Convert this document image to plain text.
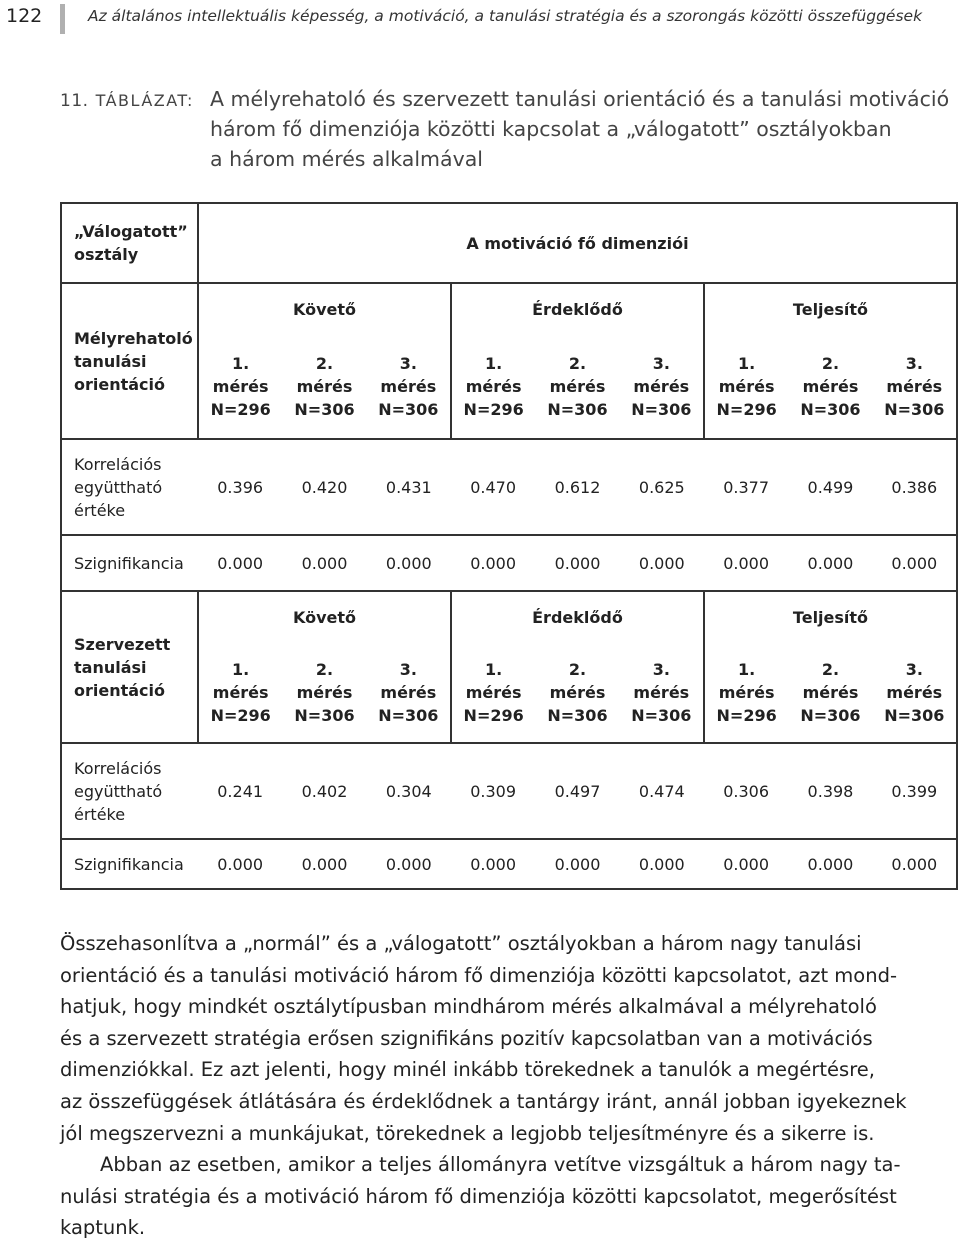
122	Az általános intellektuális képesség, a motiváció, a tanulási stratégia és a szorongás közötti összefüggések
11. TÁBLÁZAT: A mélyrehatoló és szervezett tanulási orientáció és a tanulási motiváció
három fő dimenziója közötti kapcsolat a „válogatott” osztályokban
a három mérés alkalmával
„Válogatott”
osztály	A motiváció fő dimenziói								
Mélyrehatoló
tanulási
orientáció	Követő			Érdeklődő			Teljesítő		
	1.
mérés
N=296	2.
mérés
N=306	3.
mérés
N=306	1.
mérés
N=296	2.
mérés
N=306	3.
mérés
N=306	1.
mérés
N=296	2.
mérés
N=306	3.
mérés
N=306
Korrelációs
együttható
értéke	0.396	0.420	0.431	0.470	0.612	0.625	0.377	0.499	0.386
Szignifikancia	0.000	0.000	0.000	0.000	0.000	0.000	0.000	0.000	0.000
Szervezett
tanulási
orientáció	Követő			Érdeklődő			Teljesítő		
	1.
mérés
N=296	2.
mérés
N=306	3.
mérés
N=306	1.
mérés
N=296	2.
mérés
N=306	3.
mérés
N=306	1.
mérés
N=296	2.
mérés
N=306	3.
mérés
N=306
Korrelációs
együttható
értéke	0.241	0.402	0.304	0.309	0.497	0.474	0.306	0.398	0.399
Szignifikancia	0.000	0.000	0.000	0.000	0.000	0.000	0.000	0.000	0.000

Összehasonlítva a „normál” és a „válogatott” osztályokban a három nagy tanulási
orientáció és a tanulási motiváció három fő dimenziója közötti kapcsolatot, azt mond-
hatjuk, hogy mindkét osztálytípusban mindhárom mérés alkalmával a mélyrehatoló
és a szervezett stratégia erősen szignifikáns pozitív kapcsolatban van a motivációs
dimenziókkal. Ez azt jelenti, hogy minél inkább törekednek a tanulók a megértésre,
az összefüggések átlátására és érdeklődnek a tantárgy iránt, annál jobban igyekeznek
jól megszervezni a munkájukat, törekednek a legjobb teljesítményre és a sikerre is.

Abban az esetben, amikor a teljes állományra vetítve vizsgáltuk a három nagy ta-
nulási stratégia és a motiváció három fő dimenziója közötti kapcsolatot, megerősítést
kaptunk.
